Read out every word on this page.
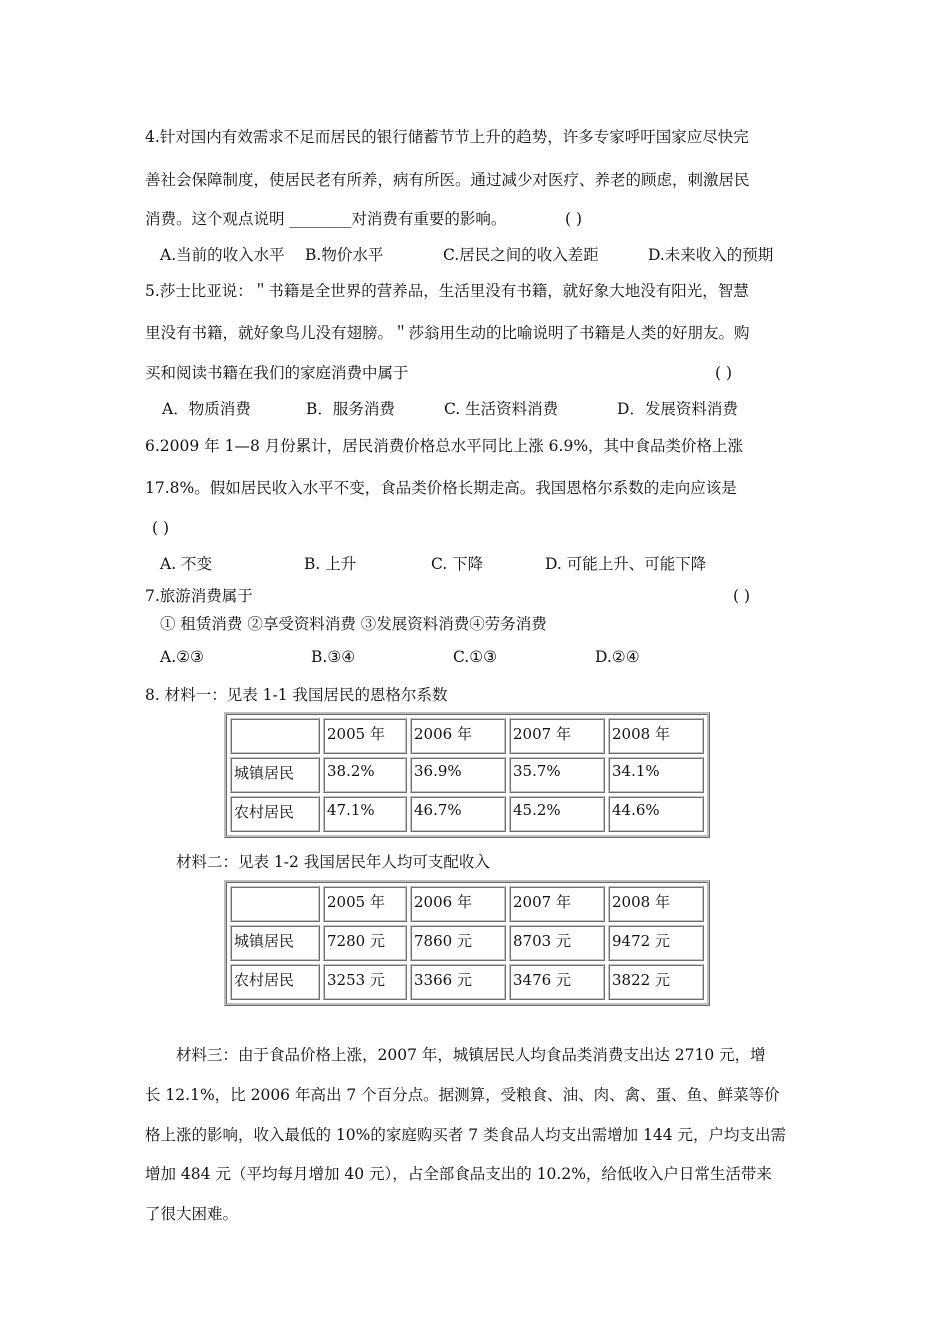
4.针对国内有效需求不足而居民的银行储蓄节节上升的趋势，许多专家呼吁国家应尽快完
善社会保障制度，使居民老有所养，病有所医。通过减少对医疗、养老的顾虑，刺激居民
消费。这个观点说明 ________对消费有重要的影响。	( )
A.当前的收入水平 B.物价水平	C.居民之间的收入差距	D.未来收入的预期
5.莎士比亚说：＂书籍是全世界的营养品，生活里没有书籍，就好象大地没有阳光，智慧
里没有书籍，就好象鸟儿没有翅膀。＂莎翁用生动的比喻说明了书籍是人类的好朋友。购
买和阅读书籍在我们的家庭消费中属于	( )
A．物质消费	B．服务消费	C. 生活资料消费	D．发展资料消费
6.2009 年 1—8 月份累计，居民消费价格总水平同比上涨 6.9%，其中食品类价格上涨
17.8%。假如居民收入水平不变，食品类价格长期走高。我国恩格尔系数的走向应该是
( )
A. 不变	B. 上升	C. 下降	D. 可能上升、可能下降
7.旅游消费属于	( )
① 租赁消费 ②享受资料消费 ③发展资料消费④劳务消费
A.②③	B.③④	C.①③	D.②④
8. 材料一：见表 1-1 我国居民的恩格尔系数
	2005 年	2006 年	2007 年	2008 年
城镇居民	38.2%	36.9%	35.7%	34.1%
农村居民	47.1%	46.7%	45.2%	44.6%
材料二：见表 1-2 我国居民年人均可支配收入
	2005 年	2006 年	2007 年	2008 年
城镇居民	7280 元	7860 元	8703 元	9472 元
农村居民	3253 元	3366 元	3476 元	3822 元
材料三：由于食品价格上涨，2007 年，城镇居民人均食品类消费支出达 2710 元，增
长 12.1%，比 2006 年高出 7 个百分点。据测算，受粮食、油、肉、禽、蛋、鱼、鲜菜等价
格上涨的影响，收入最低的 10%的家庭购买者 7 类食品人均支出需增加 144 元，户均支出需
增加 484 元（平均每月增加 40 元），占全部食品支出的 10.2%，给低收入户日常生活带来
了很大困难。
